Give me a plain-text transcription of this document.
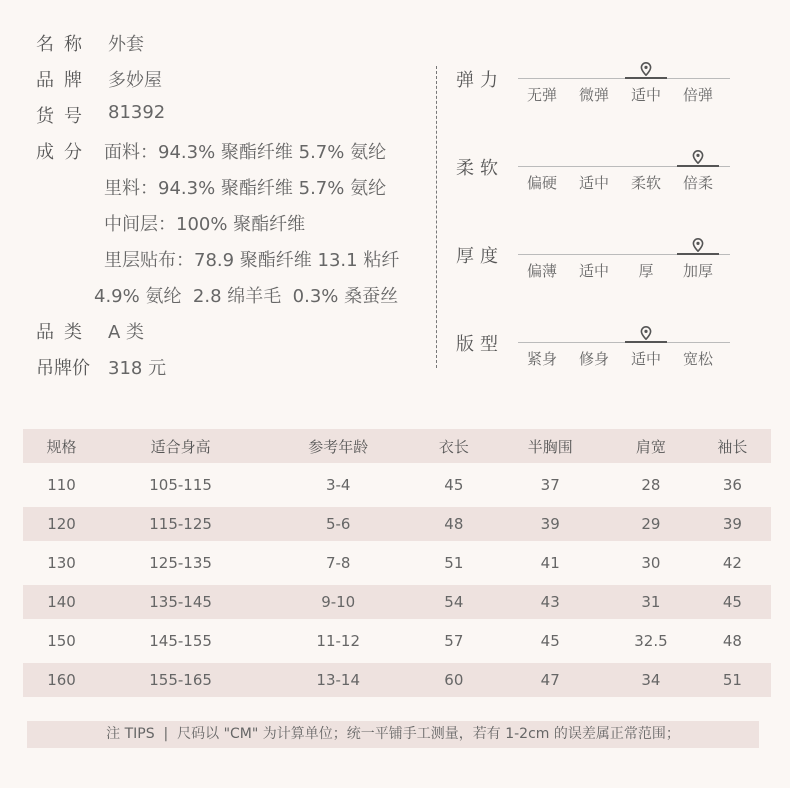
名称 外套
品牌 多妙屋
货号 81392
成分 面料：94.3% 聚酯纤维 5.7% 氨纶
里料：94.3% 聚酯纤维 5.7% 氨纶
中间层：100% 聚酯纤维
里层贴布：78.9 聚酯纤维 13.1 粘纤
4.9% 氨纶  2.8 绵羊毛  0.3% 桑蚕丝
品类 A 类
吊牌价 318 元
弹力
无弹	微弹	适中	倍弹
柔软
偏硬	适中	柔软	倍柔
厚度
偏薄	适中	厚	加厚
版型
紧身	修身	适中	宽松
规格	适合身高	参考年龄	衣长	半胸围	肩宽	袖长
110	105-115	3-4	45	37	28	36
120	115-125	5-6	48	39	29	39
130	125-135	7-8	51	41	30	42
140	135-145	9-10	54	43	31	45
150	145-155	11-12	57	45	32.5	48
160	155-165	13-14	60	47	34	51
注 TIPS  |  尺码以 "CM" 为计算单位；统一平铺手工测量，若有 1-2cm 的误差属正常范围；
